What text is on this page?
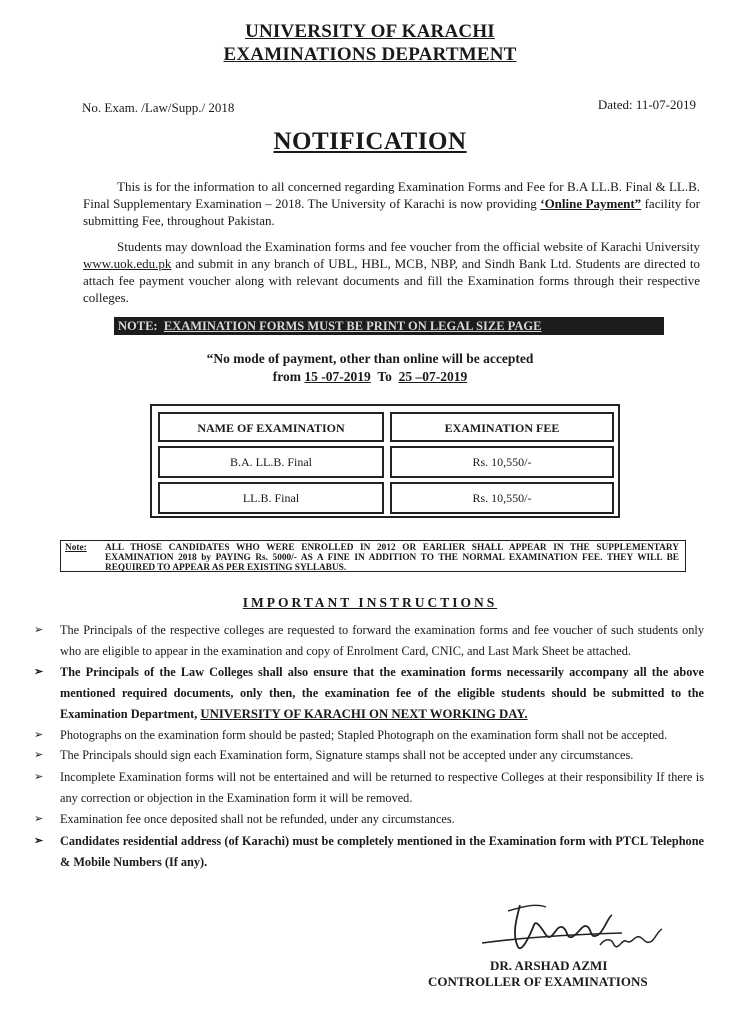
UNIVERSITY OF KARACHI
EXAMINATIONS DEPARTMENT
No. Exam. /Law/Supp./ 2018	Dated: 11-07-2019
NOTIFICATION
This is for the information to all concerned regarding Examination Forms and Fee for B.A LL.B. Final & LL.B. Final Supplementary Examination – 2018. The University of Karachi is now providing ‘Online Payment” facility for submitting Fee, throughout Pakistan.
Students may download the Examination forms and fee voucher from the official website of Karachi University www.uok.edu.pk and submit in any branch of UBL, HBL, MCB, NBP, and Sindh Bank Ltd. Students are directed to attach fee payment voucher along with relevant documents and fill the Examination forms through their respective colleges.
NOTE: EXAMINATION FORMS MUST BE PRINT ON LEGAL SIZE PAGE
“No mode of payment, other than online will be accepted
from 15 -07-2019 To 25 –07-2019
NAME OF EXAMINATION	EXAMINATION FEE
B.A. LL.B. Final	Rs. 10,550/-
LL.B. Final	Rs. 10,550/-
Note: ALL THOSE CANDIDATES WHO WERE ENROLLED IN 2012 OR EARLIER SHALL APPEAR IN THE SUPPLEMENTARY EXAMINATION 2018 by PAYING Rs. 5000/- AS A FINE IN ADDITION TO THE NORMAL EXAMINATION FEE. THEY WILL BE REQUIRED TO APPEAR AS PER EXISTING SYLLABUS.
IMPORTANT INSTRUCTIONS
➢ The Principals of the respective colleges are requested to forward the examination forms and fee voucher of such students only who are eligible to appear in the examination and copy of Enrolment Card, CNIC, and Last Mark Sheet be attached.
➢ The Principals of the Law Colleges shall also ensure that the examination forms necessarily accompany all the above mentioned required documents, only then, the examination fee of the eligible students should be submitted to the Examination Department, UNIVERSITY OF KARACHI ON NEXT WORKING DAY.
➢ Photographs on the examination form should be pasted; Stapled Photograph on the examination form shall not be accepted.
➢ The Principals should sign each Examination form, Signature stamps shall not be accepted under any circumstances.
➢ Incomplete Examination forms will not be entertained and will be returned to respective Colleges at their responsibility If there is any correction or objection in the Examination form it will be removed.
➢ Examination fee once deposited shall not be refunded, under any circumstances.
➢ Candidates residential address (of Karachi) must be completely mentioned in the Examination form with PTCL Telephone & Mobile Numbers (If any).
DR. ARSHAD AZMI
CONTROLLER OF EXAMINATIONS
